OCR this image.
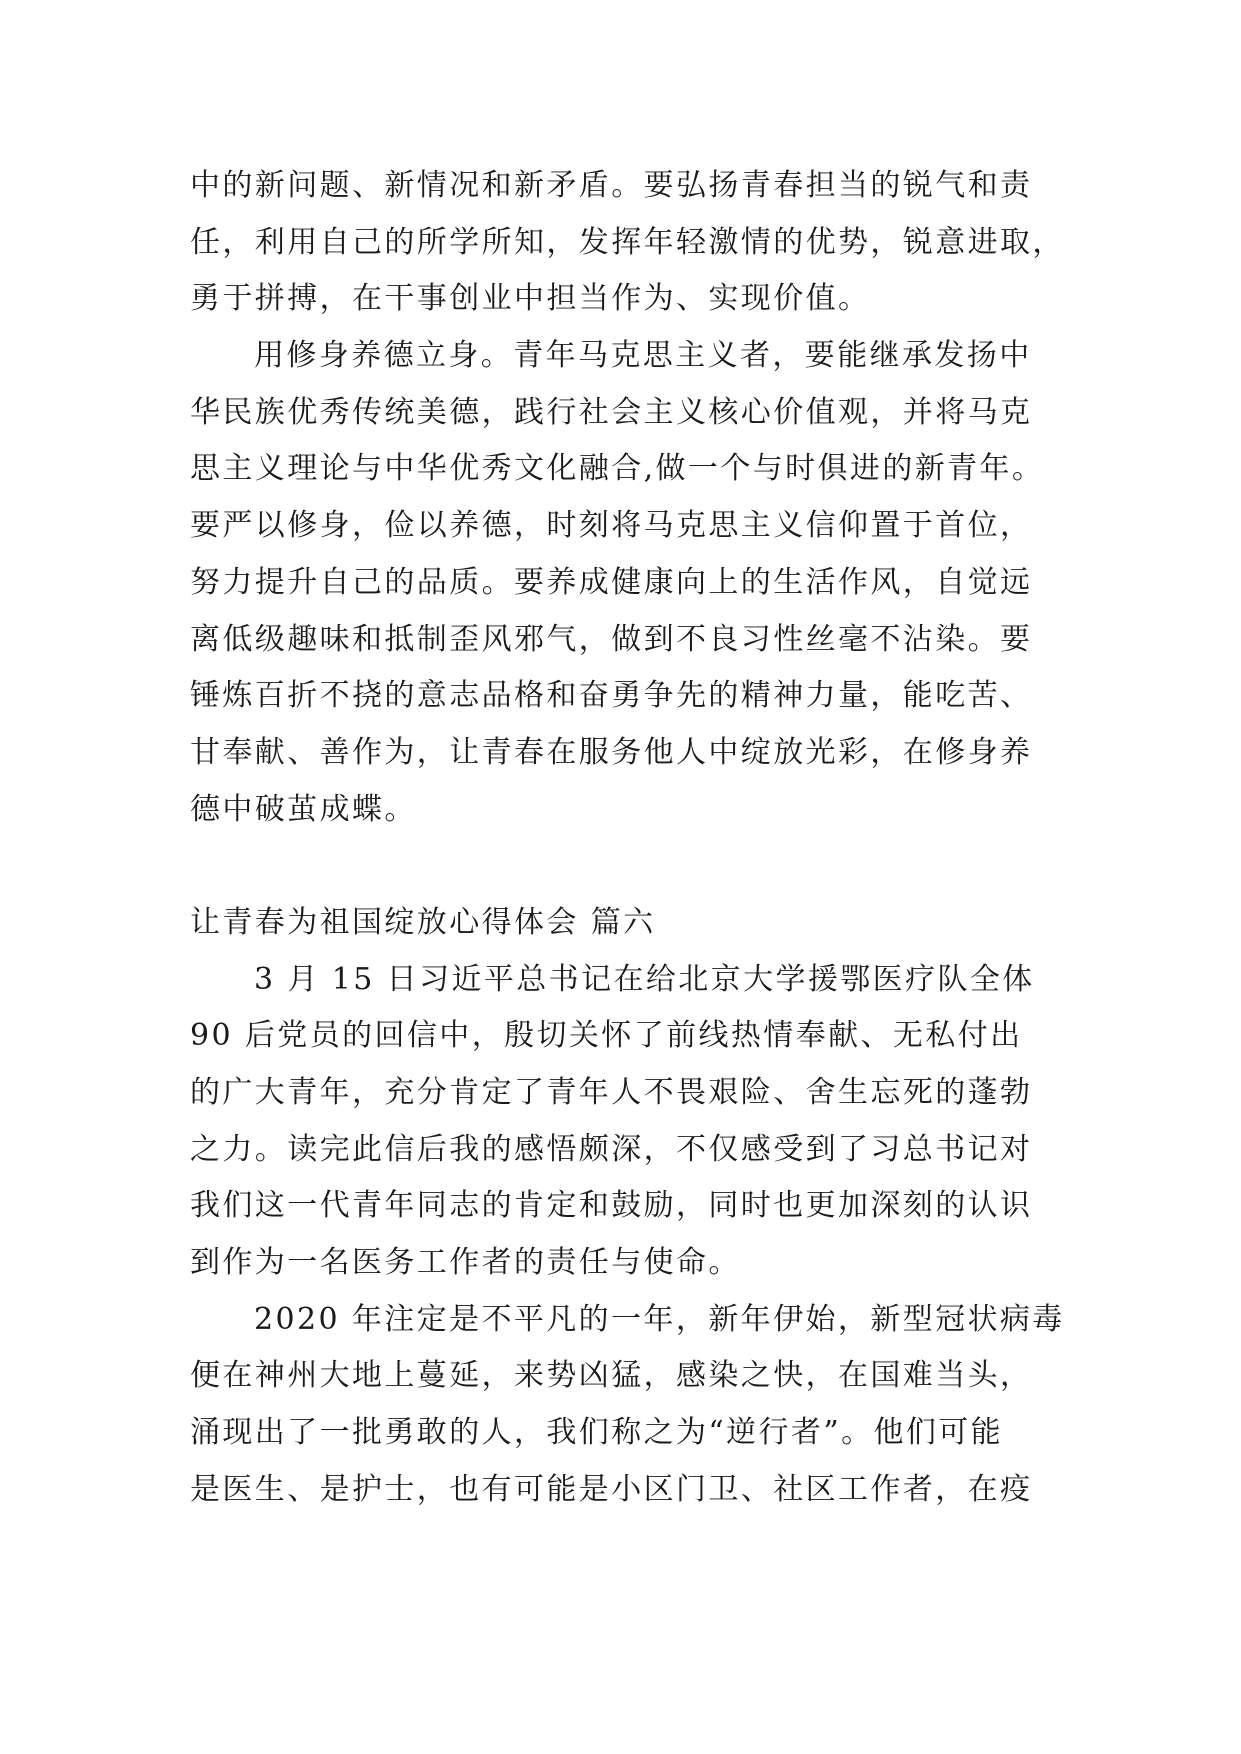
中的新问题、新情况和新矛盾。要弘扬青春担当的锐气和责
任，利用自己的所学所知，发挥年轻激情的优势，锐意进取，
勇于拼搏，在干事创业中担当作为、实现价值。
用修身养德立身。青年马克思主义者，要能继承发扬中
华民族优秀传统美德，践行社会主义核心价值观，并将马克
思主义理论与中华优秀文化融合,做一个与时俱进的新青年。
要严以修身，俭以养德，时刻将马克思主义信仰置于首位，
努力提升自己的品质。要养成健康向上的生活作风，自觉远
离低级趣味和抵制歪风邪气，做到不良习性丝毫不沾染。要
锤炼百折不挠的意志品格和奋勇争先的精神力量，能吃苦、
甘奉献、善作为，让青春在服务他人中绽放光彩，在修身养
德中破茧成蝶。
让青春为祖国绽放心得体会 篇六
3 月 15 日习近平总书记在给北京大学援鄂医疗队全体
90 后党员的回信中，殷切关怀了前线热情奉献、无私付出
的广大青年，充分肯定了青年人不畏艰险、舍生忘死的蓬勃
之力。读完此信后我的感悟颇深，不仅感受到了习总书记对
我们这一代青年同志的肯定和鼓励，同时也更加深刻的认识
到作为一名医务工作者的责任与使命。
2020 年注定是不平凡的一年，新年伊始，新型冠状病毒
便在神州大地上蔓延，来势凶猛，感染之快，在国难当头，
涌现出了一批勇敢的人，我们称之为“逆行者”。他们可能
是医生、是护士，也有可能是小区门卫、社区工作者，在疫
